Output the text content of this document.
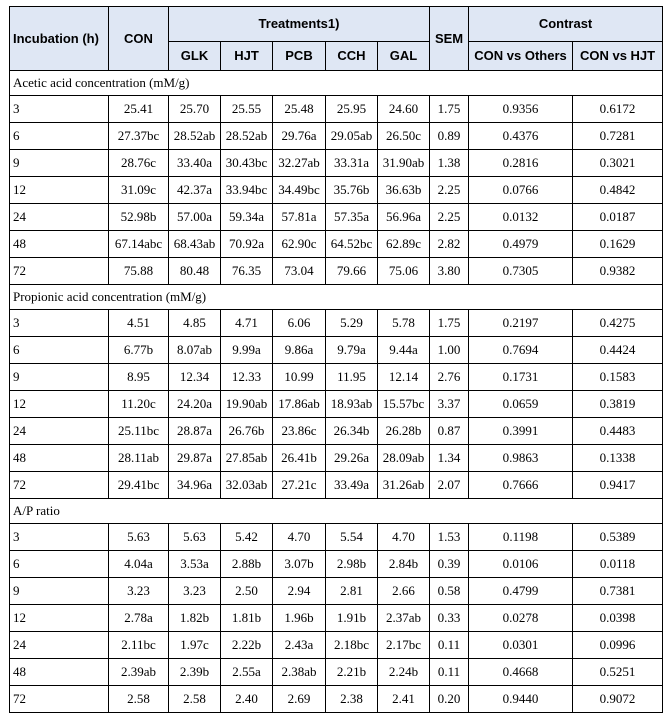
Incubation (h)	CON	Treatments1)					SEM	Contrast	
		GLK	HJT	PCB	CCH	GAL		CON vs Others	CON vs HJT
Acetic acid concentration (mM/g)									
3	25.41	25.70	25.55	25.48	25.95	24.60	1.75	0.9356	0.6172
6	27.37bc	28.52ab	28.52ab	29.76a	29.05ab	26.50c	0.89	0.4376	0.7281
9	28.76c	33.40a	30.43bc	32.27ab	33.31a	31.90ab	1.38	0.2816	0.3021
12	31.09c	42.37a	33.94bc	34.49bc	35.76b	36.63b	2.25	0.0766	0.4842
24	52.98b	57.00a	59.34a	57.81a	57.35a	56.96a	2.25	0.0132	0.0187
48	67.14abc	68.43ab	70.92a	62.90c	64.52bc	62.89c	2.82	0.4979	0.1629
72	75.88	80.48	76.35	73.04	79.66	75.06	3.80	0.7305	0.9382
Propionic acid concentration (mM/g)									
3	4.51	4.85	4.71	6.06	5.29	5.78	1.75	0.2197	0.4275
6	6.77b	8.07ab	9.99a	9.86a	9.79a	9.44a	1.00	0.7694	0.4424
9	8.95	12.34	12.33	10.99	11.95	12.14	2.76	0.1731	0.1583
12	11.20c	24.20a	19.90ab	17.86ab	18.93ab	15.57bc	3.37	0.0659	0.3819
24	25.11bc	28.87a	26.76b	23.86c	26.34b	26.28b	0.87	0.3991	0.4483
48	28.11ab	29.87a	27.85ab	26.41b	29.26a	28.09ab	1.34	0.9863	0.1338
72	29.41bc	34.96a	32.03ab	27.21c	33.49a	31.26ab	2.07	0.7666	0.9417
A/P ratio									
3	5.63	5.63	5.42	4.70	5.54	4.70	1.53	0.1198	0.5389
6	4.04a	3.53a	2.88b	3.07b	2.98b	2.84b	0.39	0.0106	0.0118
9	3.23	3.23	2.50	2.94	2.81	2.66	0.58	0.4799	0.7381
12	2.78a	1.82b	1.81b	1.96b	1.91b	2.37ab	0.33	0.0278	0.0398
24	2.11bc	1.97c	2.22b	2.43a	2.18bc	2.17bc	0.11	0.0301	0.0996
48	2.39ab	2.39b	2.55a	2.38ab	2.21b	2.24b	0.11	0.4668	0.5251
72	2.58	2.58	2.40	2.69	2.38	2.41	0.20	0.9440	0.9072
